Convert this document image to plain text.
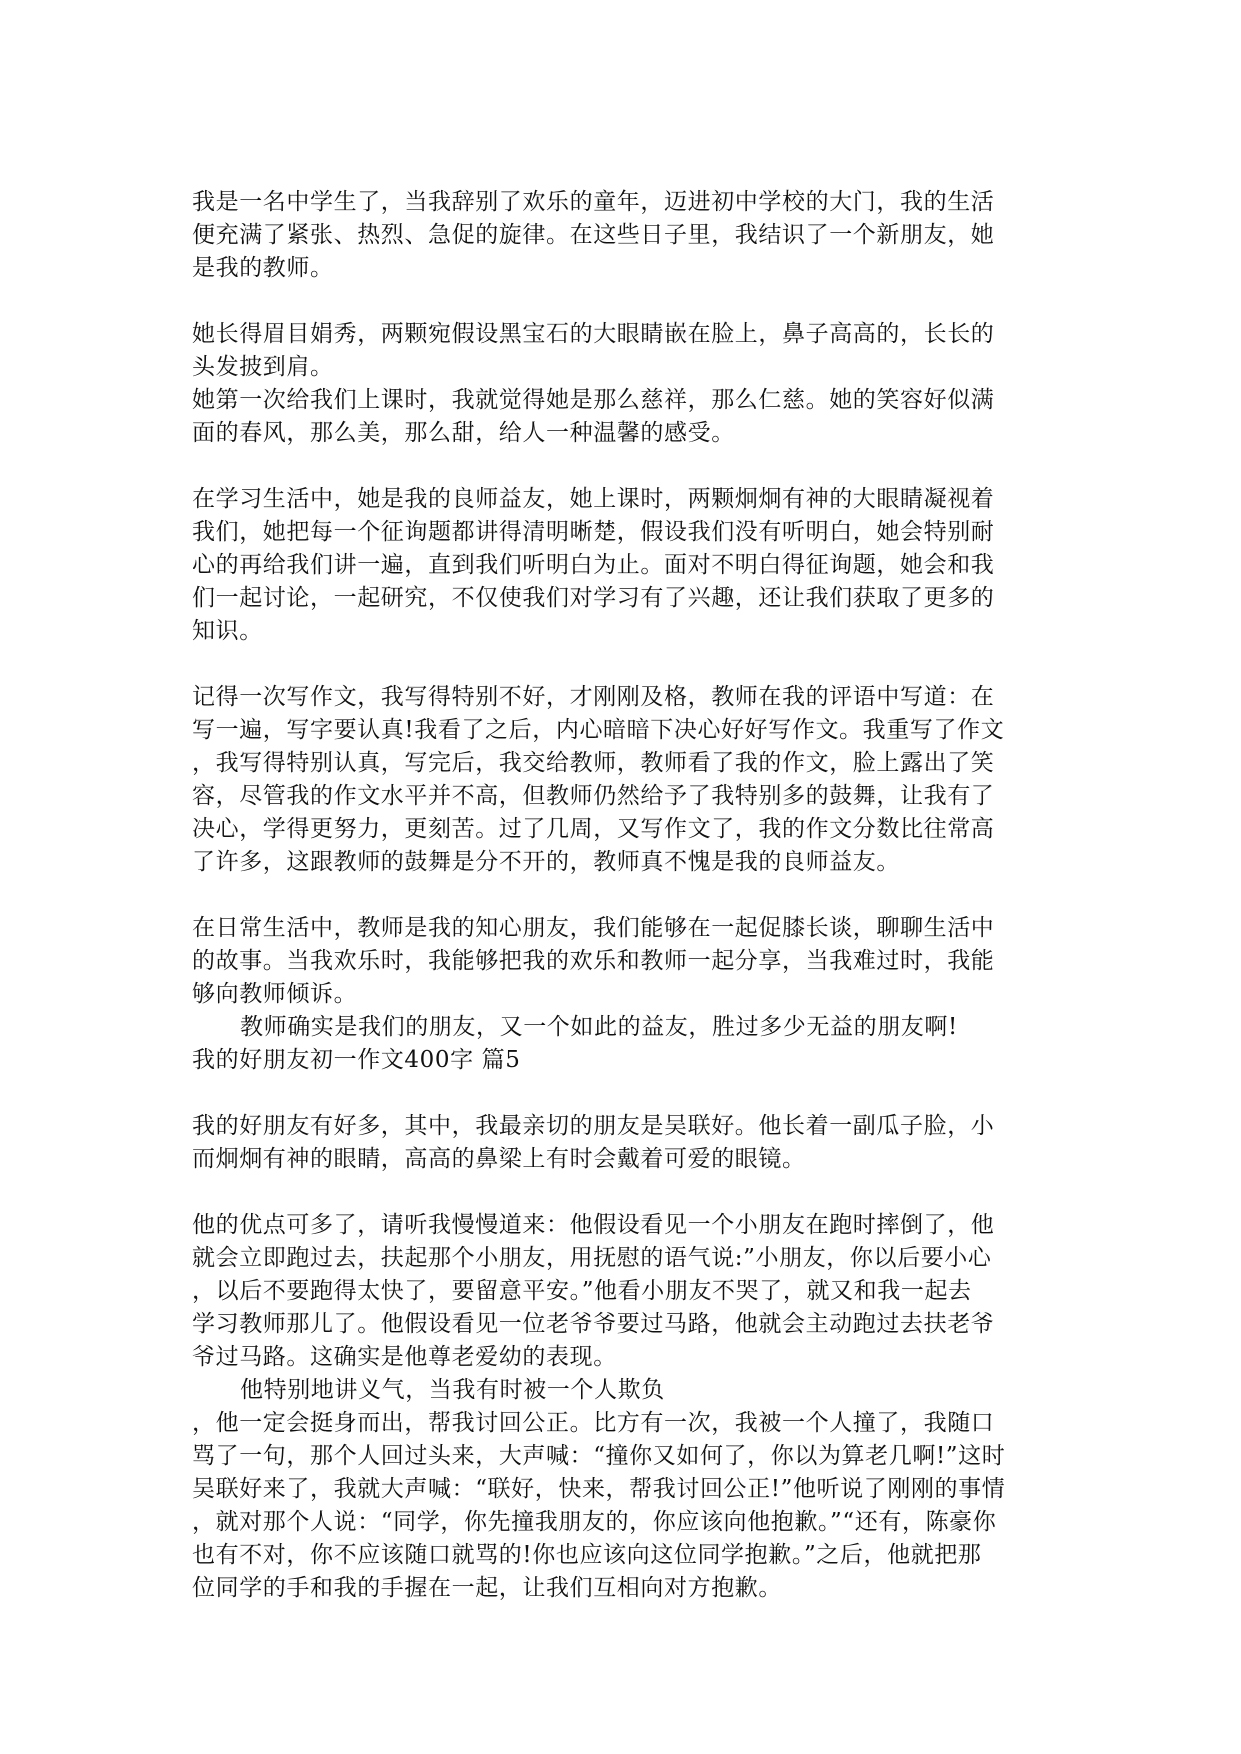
我是一名中学生了，当我辞别了欢乐的童年，迈进初中学校的大门，我的生活
便充满了紧张、热烈、急促的旋律。在这些日子里，我结识了一个新朋友，她
是我的教师。
她长得眉目娟秀，两颗宛假设黑宝石的大眼睛嵌在脸上，鼻子高高的，长长的
头发披到肩。
她第一次给我们上课时，我就觉得她是那么慈祥，那么仁慈。她的笑容好似满
面的春风，那么美，那么甜，给人一种温馨的感受。
在学习生活中，她是我的良师益友，她上课时，两颗炯炯有神的大眼睛凝视着
我们，她把每一个征询题都讲得清明晰楚，假设我们没有听明白，她会特别耐
心的再给我们讲一遍，直到我们听明白为止。面对不明白得征询题，她会和我
们一起讨论，一起研究，不仅使我们对学习有了兴趣，还让我们获取了更多的
知识。
记得一次写作文，我写得特别不好，才刚刚及格，教师在我的评语中写道：在
写一遍，写字要认真!我看了之后，内心暗暗下决心好好写作文。我重写了作文
，我写得特别认真，写完后，我交给教师，教师看了我的作文，脸上露出了笑
容，尽管我的作文水平并不高，但教师仍然给予了我特别多的鼓舞，让我有了
决心，学得更努力，更刻苦。过了几周，又写作文了，我的作文分数比往常高
了许多，这跟教师的鼓舞是分不开的，教师真不愧是我的良师益友。
在日常生活中，教师是我的知心朋友，我们能够在一起促膝长谈，聊聊生活中
的故事。当我欢乐时，我能够把我的欢乐和教师一起分享，当我难过时，我能
够向教师倾诉。
教师确实是我们的朋友，又一个如此的益友，胜过多少无益的朋友啊!
我的好朋友初一作文400字 篇5
我的好朋友有好多，其中，我最亲切的朋友是吴联好。他长着一副瓜子脸，小
而炯炯有神的眼睛，高高的鼻梁上有时会戴着可爱的眼镜。
他的优点可多了，请听我慢慢道来：他假设看见一个小朋友在跑时摔倒了，他
就会立即跑过去，扶起那个小朋友，用抚慰的语气说:”小朋友，你以后要小心
，以后不要跑得太快了，要留意平安。”他看小朋友不哭了，就又和我一起去
学习教师那儿了。他假设看见一位老爷爷要过马路，他就会主动跑过去扶老爷
爷过马路。这确实是他尊老爱幼的表现。
他特别地讲义气，当我有时被一个人欺负
，他一定会挺身而出，帮我讨回公正。比方有一次，我被一个人撞了，我随口
骂了一句，那个人回过头来，大声喊：“撞你又如何了，你以为算老几啊!”这时
吴联好来了，我就大声喊：“联好，快来，帮我讨回公正!”他听说了刚刚的事情
，就对那个人说：“同学，你先撞我朋友的，你应该向他抱歉。”“还有，陈豪你
也有不对，你不应该随口就骂的!你也应该向这位同学抱歉。”之后，他就把那
位同学的手和我的手握在一起，让我们互相向对方抱歉。
